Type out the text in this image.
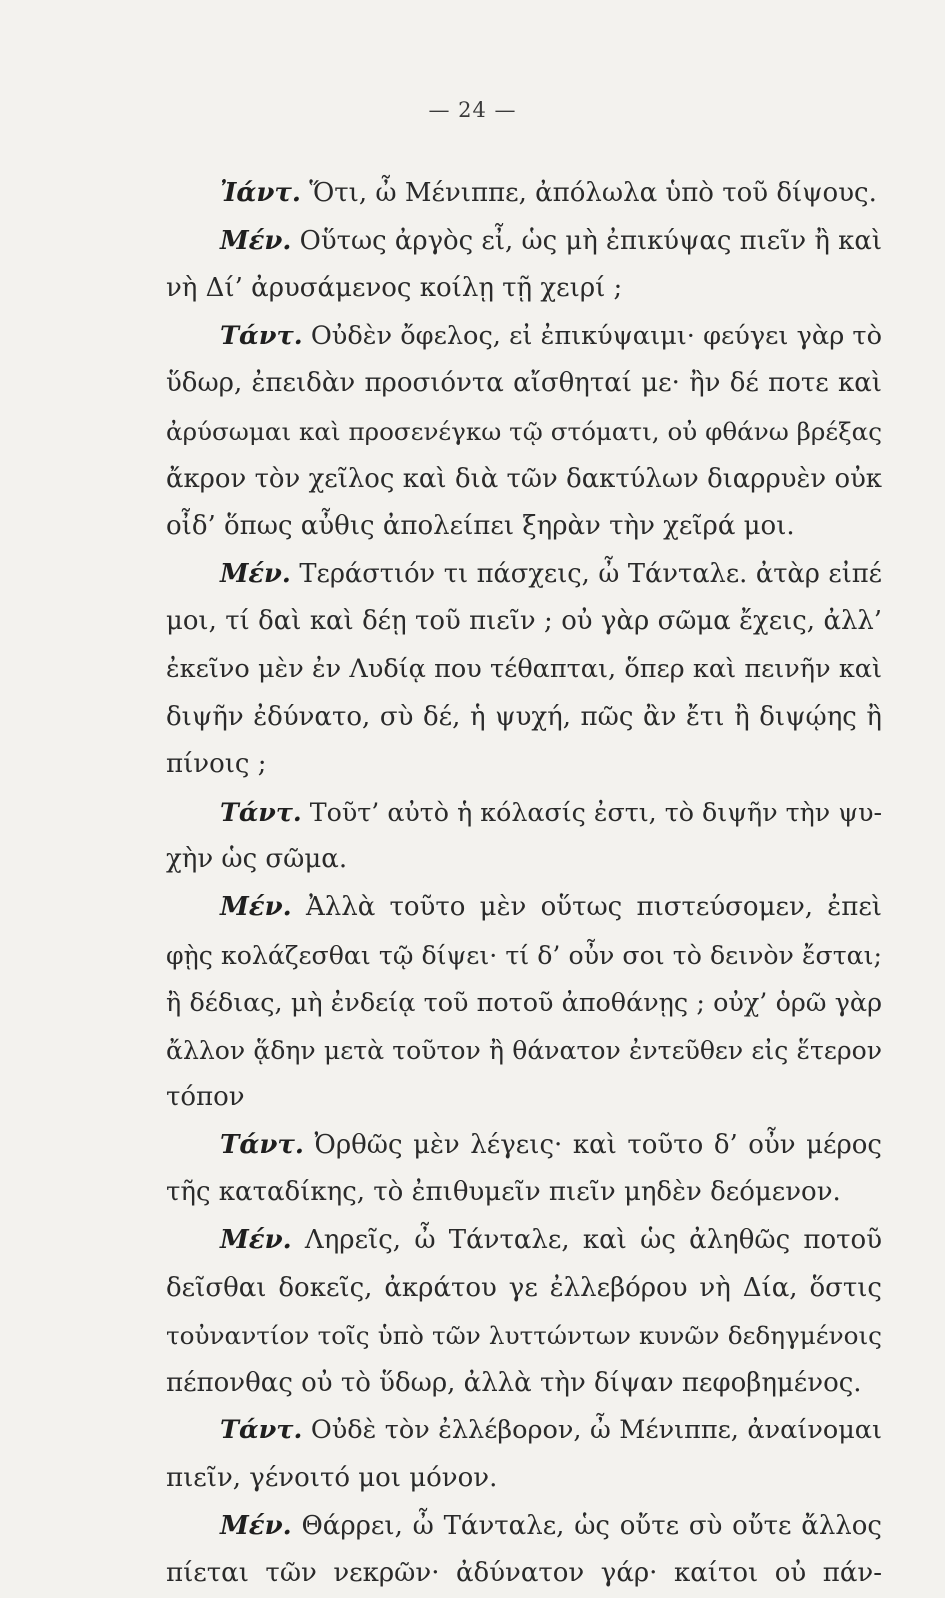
— 24 —
Ἰάντ. Ὅτι, ὦ Μένιππε, ἀπόλωλα ὑπὸ τοῦ δίψους.
Μέν. Οὕτως ἀργὸς εἶ, ὡς μὴ ἐπικύψας πιεῖν ἢ καὶ
νὴ Δί’ ἀρυσάμενος κοίλῃ τῇ χειρί ;
Τάντ. Οὐδὲν ὄφελος, εἰ ἐπικύψαιμι· φεύγει γὰρ τὸ
ὕδωρ, ἐπειδὰν προσιόντα αἴσθηταί με· ἢν δέ ποτε καὶ
ἀρύσωμαι καὶ προσενέγκω τῷ στόματι, οὐ φθάνω βρέξας
ἄκρον τὸν χεῖλος καὶ διὰ τῶν δακτύλων διαρρυὲν οὐκ
οἶδ’ ὅπως αὖθις ἀπολείπει ξηρὰν τὴν χεῖρά μοι.
Μέν. Τεράστιόν τι πάσχεις, ὦ Τάνταλε. ἀτὰρ εἰπέ
μοι, τί δαὶ καὶ δέῃ τοῦ πιεῖν ; οὐ γὰρ σῶμα ἔχεις, ἀλλ’
ἐκεῖνο μὲν ἐν Λυδίᾳ που τέθαπται, ὅπερ καὶ πεινῆν καὶ
διψῆν ἐδύνατο, σὺ δέ, ἡ ψυχή, πῶς ἂν ἔτι ἢ διψῴης ἢ
πίνοις ;
Τάντ. Τοῦτ’ αὐτὸ ἡ κόλασίς ἐστι, τὸ διψῆν τὴν ψυ-
χὴν ὡς σῶμα.
Μέν. Ἀλλὰ τοῦτο μὲν οὕτως πιστεύσομεν, ἐπεὶ
φῂς κολάζεσθαι τῷ δίψει· τί δ’ οὖν σοι τὸ δεινὸν ἔσται;
ἢ δέδιας, μὴ ἐνδείᾳ τοῦ ποτοῦ ἀποθάνῃς ; οὐχ’ ὁρῶ γὰρ
ἄλλον ᾅδην μετὰ τοῦτον ἢ θάνατον ἐντεῦθεν εἰς ἕτερον
τόπον
Τάντ. Ὀρθῶς μὲν λέγεις· καὶ τοῦτο δ’ οὖν μέρος
τῆς καταδίκης, τὸ ἐπιθυμεῖν πιεῖν μηδὲν δεόμενον.
Μέν. Ληρεῖς, ὦ Τάνταλε, καὶ ὡς ἀληθῶς ποτοῦ
δεῖσθαι δοκεῖς, ἀκράτου γε ἐλλεβόρου νὴ Δία, ὅστις
τοὐναντίον τοῖς ὑπὸ τῶν λυττώντων κυνῶν δεδηγμένοις
πέπονθας οὐ τὸ ὕδωρ, ἀλλὰ τὴν δίψαν πεφοβημένος.
Τάντ. Οὐδὲ τὸν ἐλλέβορον, ὦ Μένιππε, ἀναίνομαι
πιεῖν, γένοιτό μοι μόνον.
Μέν. Θάρρει, ὦ Τάνταλε, ὡς οὔτε σὺ οὔτε ἄλλος
πίεται τῶν νεκρῶν· ἀδύνατον γάρ· καίτοι οὐ πάν-
